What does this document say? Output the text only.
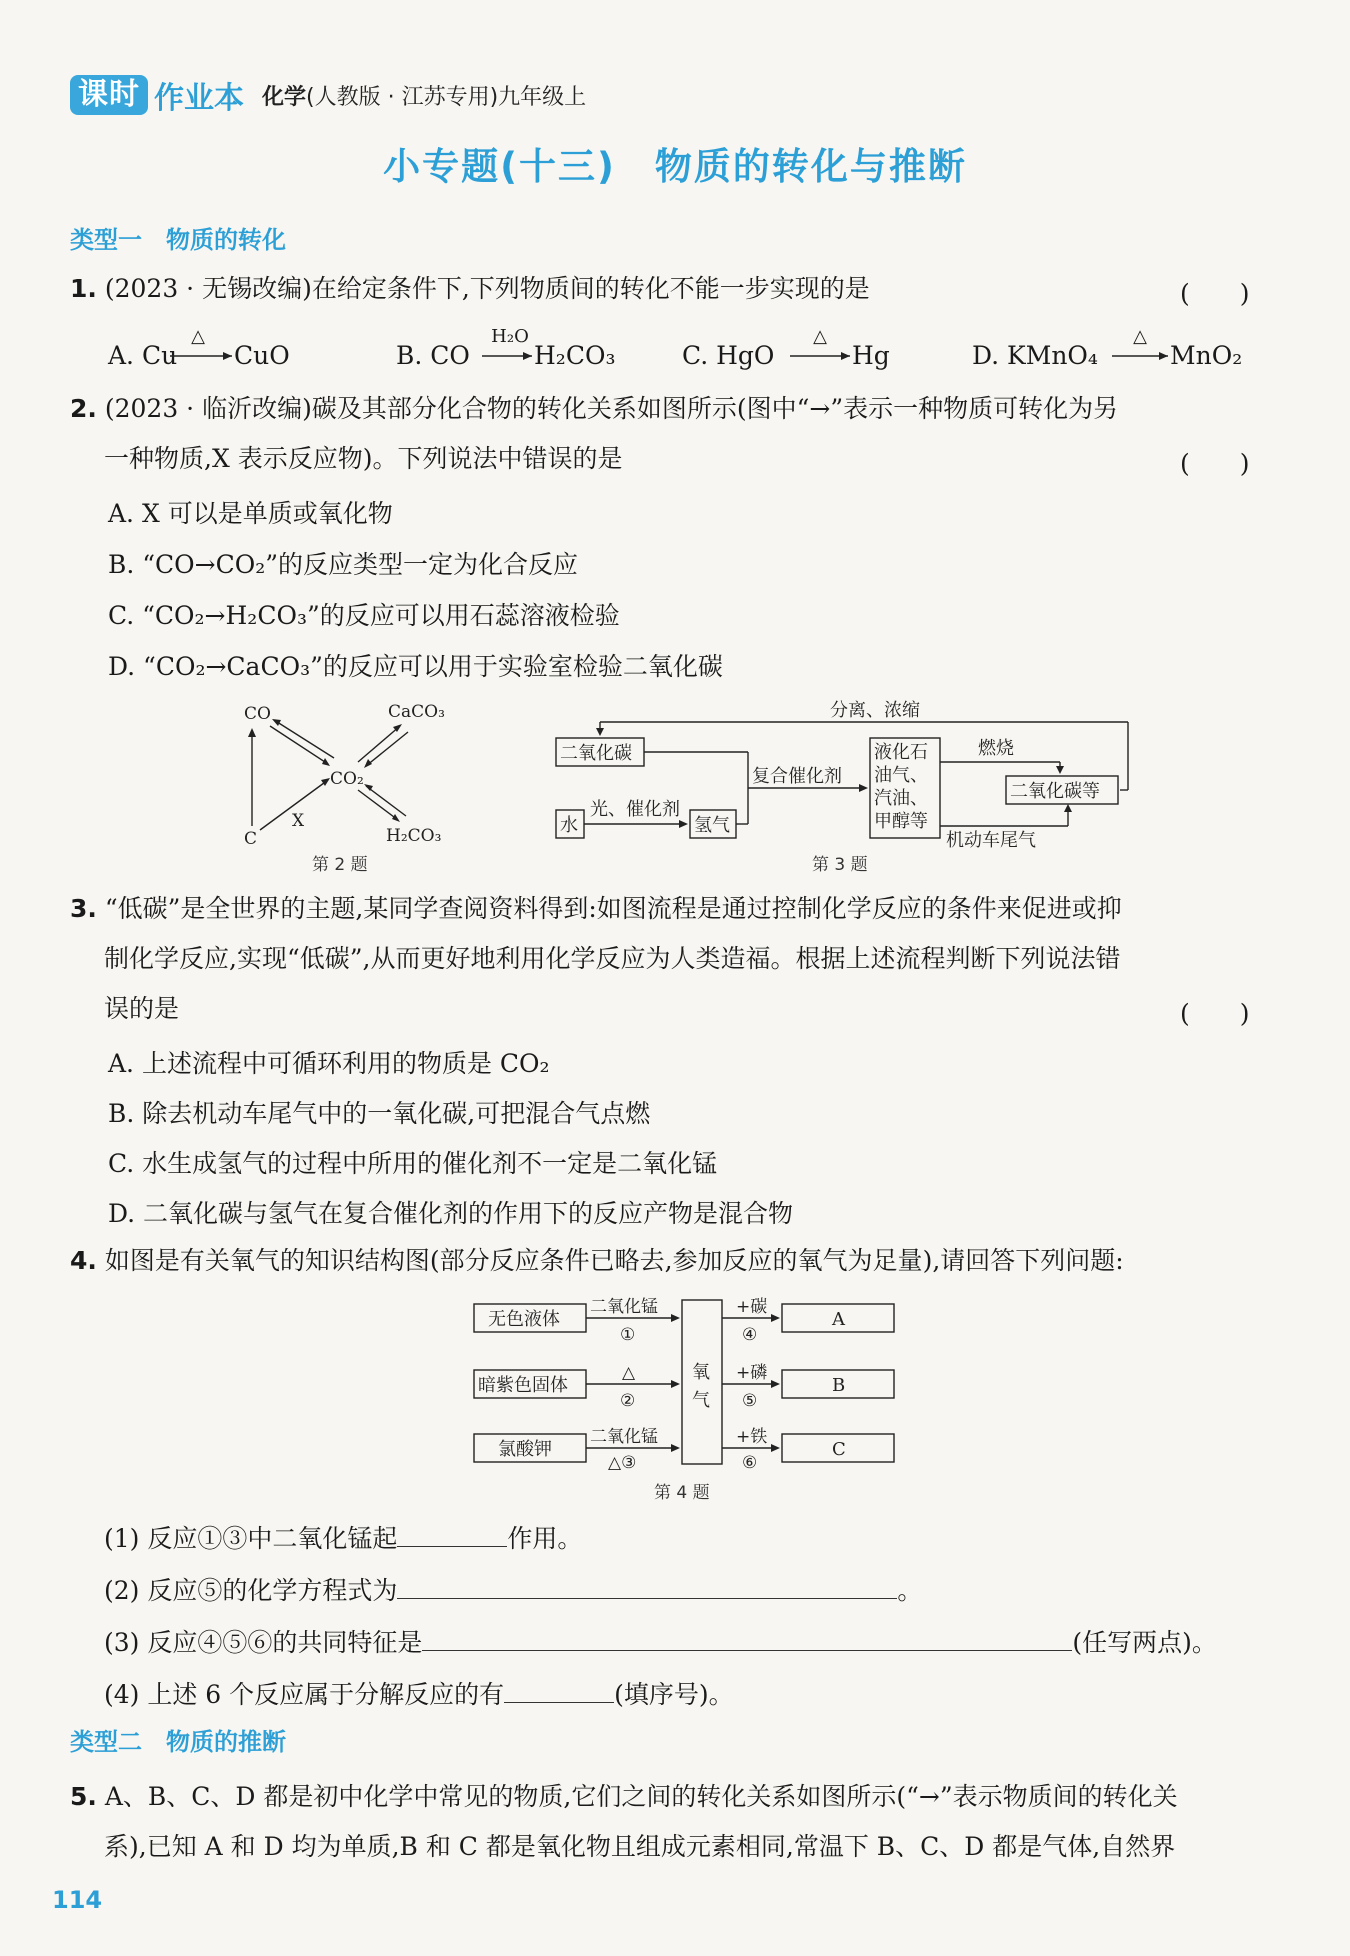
课时 作业本 化学(人教版 · 江苏专用)九年级上
小专题(十三)　物质的转化与推断
类型一　物质的转化
1. (2023 · 无锡改编)在给定条件下,下列物质间的转化不能一步实现的是	(　　)
A. Cu
△
CuO	B. CO
H₂O
H₂CO₃	C. HgO
△
Hg	D. KMnO₄
△
MnO₂
2. (2023 · 临沂改编)碳及其部分化合物的转化关系如图所示(图中“→”表示一种物质可转化为另
一种物质,X 表示反应物)。下列说法中错误的是	(　　)
A. X 可以是单质或氧化物
B. “CO→CO₂”的反应类型一定为化合反应
C. “CO₂→H₂CO₃”的反应可以用石蕊溶液检验
D. “CO₂→CaCO₃”的反应可以用于实验室检验二氧化碳
CO	CaCO₃
CO₂
C
X
H₂CO₃
第 2 题
分离、浓缩
二氧化碳
水	氢气
液化石
油气、
汽油、
甲醇等
二氧化碳等
复合催化剂
光、催化剂
燃烧
机动车尾气
第 3 题
3. “低碳”是全世界的主题,某同学查阅资料得到:如图流程是通过控制化学反应的条件来促进或抑
制化学反应,实现“低碳”,从而更好地利用化学反应为人类造福。根据上述流程判断下列说法错
误的是	(　　)
A. 上述流程中可循环利用的物质是 CO₂
B. 除去机动车尾气中的一氧化碳,可把混合气点燃
C. 水生成氢气的过程中所用的催化剂不一定是二氧化锰
D. 二氧化碳与氢气在复合催化剂的作用下的反应产物是混合物
4. 如图是有关氧气的知识结构图(部分反应条件已略去,参加反应的氧气为足量),请回答下列问题:
无色液体
暗紫色固体
氯酸钾
氧
气
二氧化锰
①
△
②
二氧化锰
△③
+碳
④
+磷
⑤
+铁
⑥
A
B
C
第 4 题
(1) 反应①③中二氧化锰起	作用。
(2) 反应⑤的化学方程式为	。
(3) 反应④⑤⑥的共同特征是	(任写两点)。
(4) 上述 6 个反应属于分解反应的有	(填序号)。
类型二　物质的推断
5. A、B、C、D 都是初中化学中常见的物质,它们之间的转化关系如图所示(“→”表示物质间的转化关
系),已知 A 和 D 均为单质,B 和 C 都是氧化物且组成元素相同,常温下 B、C、D 都是气体,自然界
114
